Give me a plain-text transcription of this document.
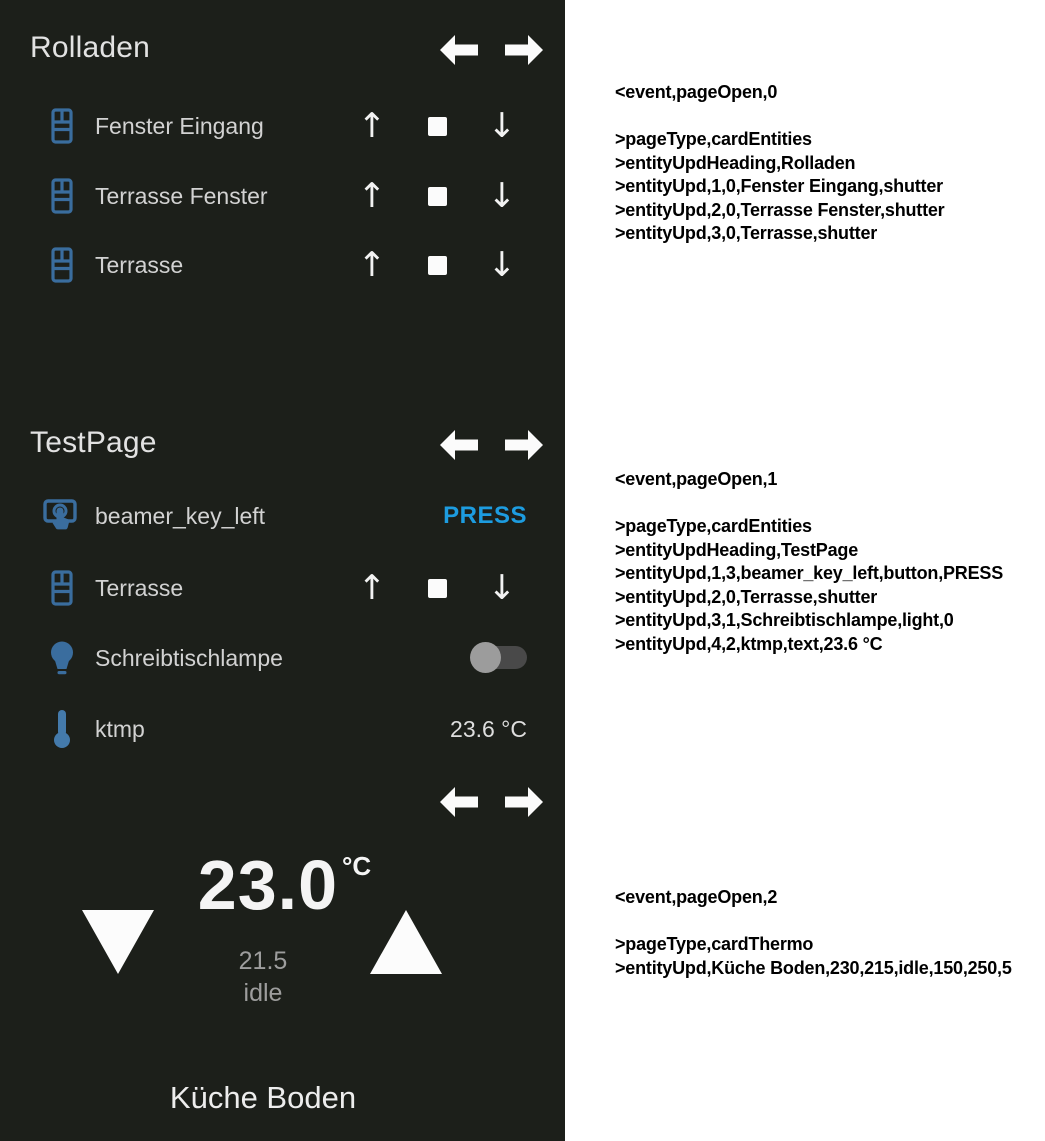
Rolladen
Fenster Eingang	↑	↓
Terrasse Fenster	↑	↓
Terrasse	↑	↓
TestPage
beamer_key_left	PRESS
Terrasse	↑	↓
Schreibtischlampe
ktmp	23.6 °C
23.0 °C
21.5
idle
Küche Boden
<event,pageOpen,0
>pageType,cardEntities
>entityUpdHeading,Rolladen
>entityUpd,1,0,Fenster Eingang,shutter
>entityUpd,2,0,Terrasse Fenster,shutter
>entityUpd,3,0,Terrasse,shutter
<event,pageOpen,1
>pageType,cardEntities
>entityUpdHeading,TestPage
>entityUpd,1,3,beamer_key_left,button,PRESS
>entityUpd,2,0,Terrasse,shutter
>entityUpd,3,1,Schreibtischlampe,light,0
>entityUpd,4,2,ktmp,text,23.6 °C
<event,pageOpen,2
>pageType,cardThermo
>entityUpd,Küche Boden,230,215,idle,150,250,5
